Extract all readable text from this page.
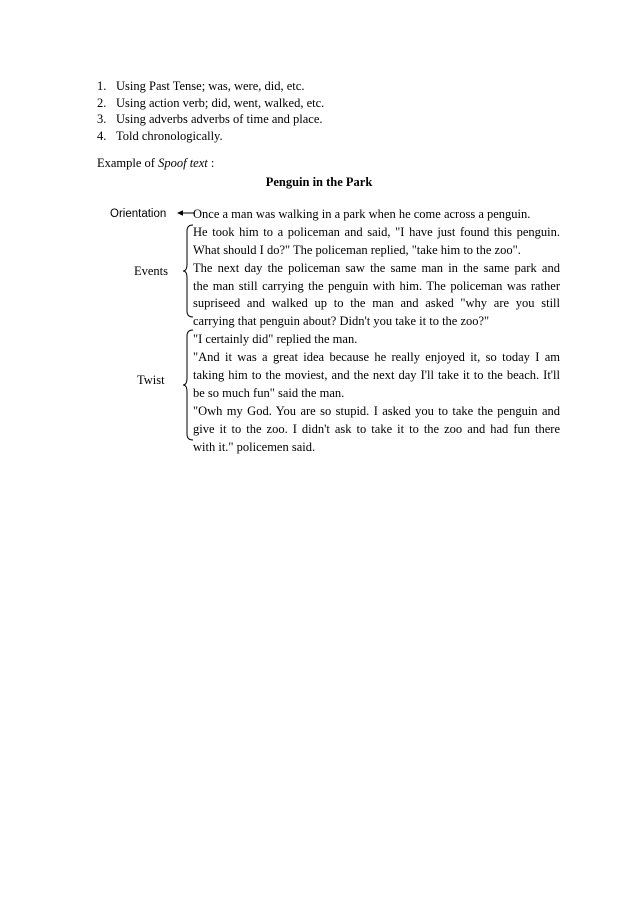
1. Using Past Tense; was, were, did, etc.
2. Using action verb; did, went, walked, etc.
3. Using adverbs adverbs of time and place.
4. Told chronologically.
Example of Spoof text :
Penguin in the Park
Orientation
Events
Twist
Once a man was walking in a park when he come across a penguin.
He took him to a policeman and said, "I have just found this penguin.
What should I do?" The policeman replied, "take him to the zoo".
The next day the policeman saw the same man in the same park and
the man still carrying the penguin with him. The policeman was rather
supriseed and walked up to the man and asked "why are you still
carrying that penguin about? Didn't you take it to the zoo?"
"I certainly did" replied the man.
"And it was a great idea because he really enjoyed it, so today I am
taking him to the moviest, and the next day I'll take it to the beach. It'll
be so much fun" said the man.
"Owh my God. You are so stupid. I asked you to take the penguin and
give it to the zoo. I didn't ask to take it to the zoo and had fun there
with it." policemen said.
